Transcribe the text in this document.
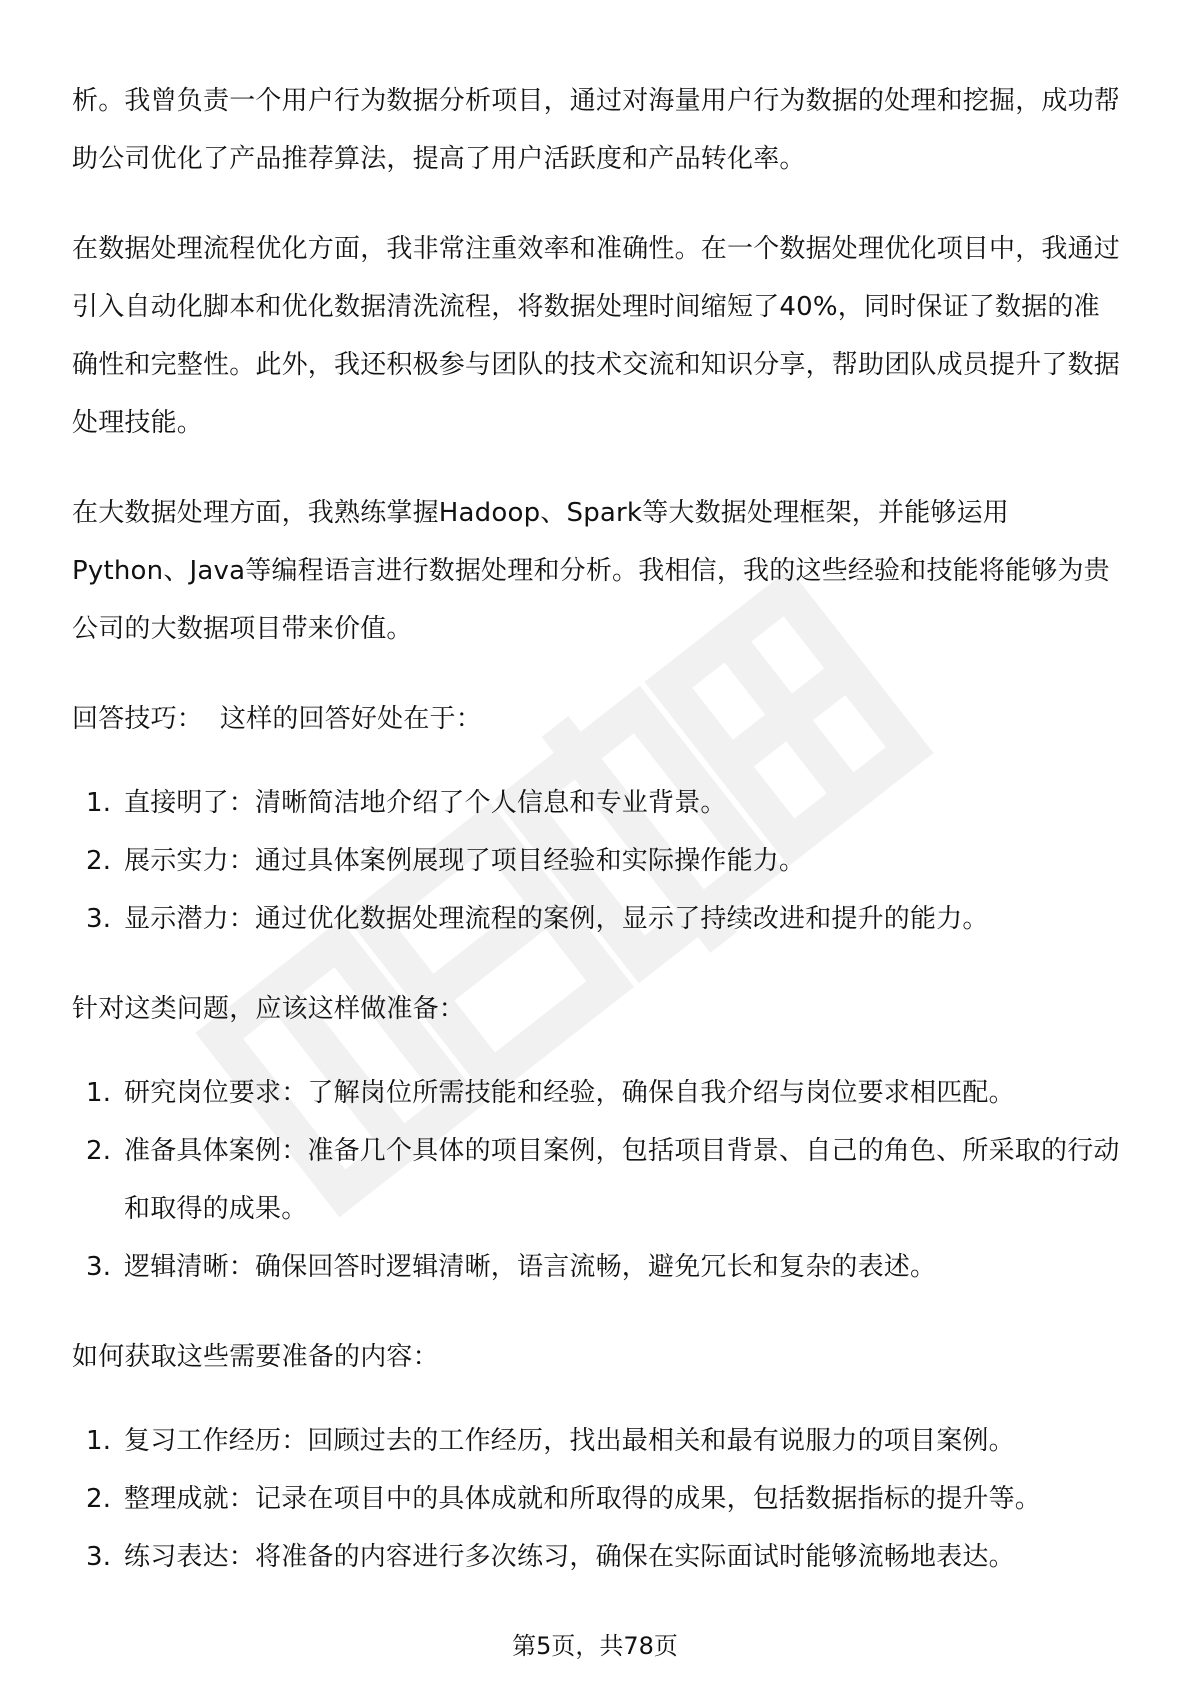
析。我曾负责一个用户行为数据分析项目，通过对海量用户行为数据的处理和挖掘，成功帮助公司优化了产品推荐算法，提高了用户活跃度和产品转化率。

在数据处理流程优化方面，我非常注重效率和准确性。在一个数据处理优化项目中，我通过引入自动化脚本和优化数据清洗流程，将数据处理时间缩短了40%，同时保证了数据的准确性和完整性。此外，我还积极参与团队的技术交流和知识分享，帮助团队成员提升了数据处理技能。

在大数据处理方面，我熟练掌握Hadoop、Spark等大数据处理框架，并能够运用Python、Java等编程语言进行数据处理和分析。我相信，我的这些经验和技能将能够为贵公司的大数据项目带来价值。

回答技巧：  这样的回答好处在于：

1. 直接明了：清晰简洁地介绍了个人信息和专业背景。
2. 展示实力：通过具体案例展现了项目经验和实际操作能力。
3. 显示潜力：通过优化数据处理流程的案例，显示了持续改进和提升的能力。

针对这类问题，应该这样做准备：

1. 研究岗位要求：了解岗位所需技能和经验，确保自我介绍与岗位要求相匹配。
2. 准备具体案例：准备几个具体的项目案例，包括项目背景、自己的角色、所采取的行动和取得的成果。
3. 逻辑清晰：确保回答时逻辑清晰，语言流畅，避免冗长和复杂的表述。

如何获取这些需要准备的内容：

1. 复习工作经历：回顾过去的工作经历，找出最相关和最有说服力的项目案例。
2. 整理成就：记录在项目中的具体成就和所取得的成果，包括数据指标的提升等。
3. 练习表达：将准备的内容进行多次练习，确保在实际面试时能够流畅地表达。
第5页，共78页
